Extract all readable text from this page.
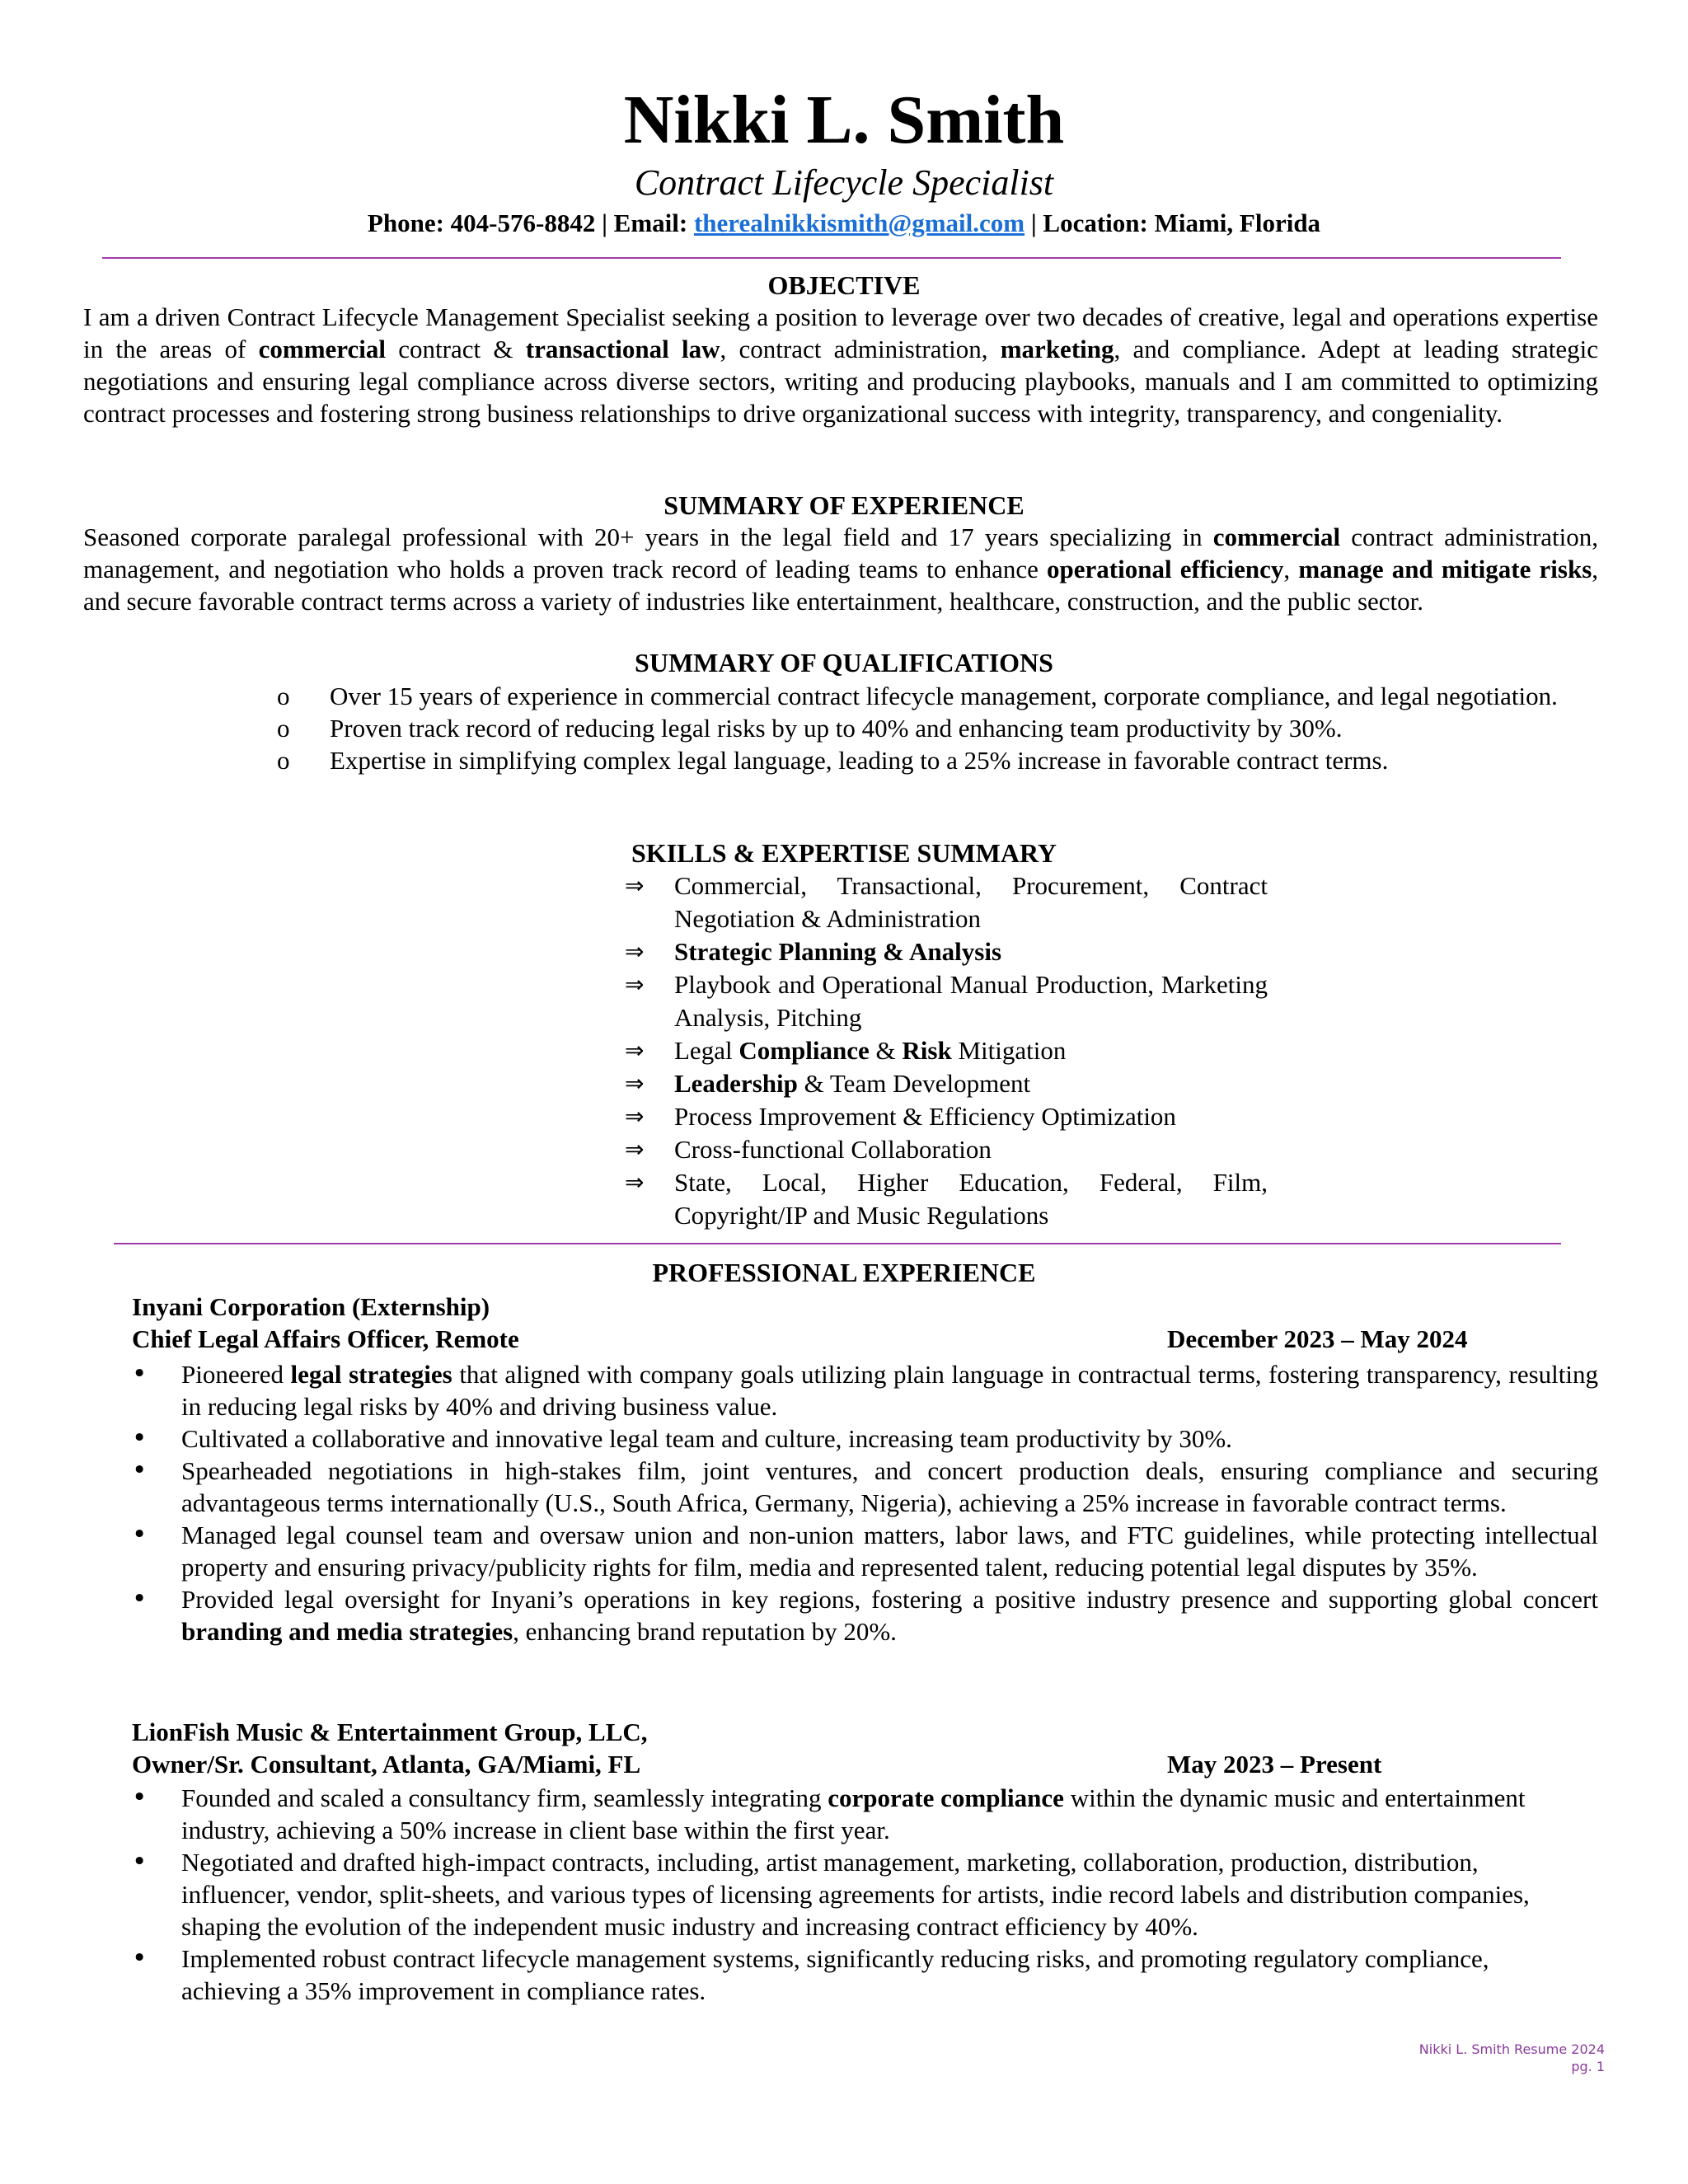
Nikki L. Smith
Contract Lifecycle Specialist
Phone: 404-576-8842 | Email: therealnikkismith@gmail.com | Location: Miami, Florida
OBJECTIVE
I am a driven Contract Lifecycle Management Specialist seeking a position to leverage over two decades of creative, legal and operations expertise in the areas of commercial contract & transactional law, contract administration, marketing, and compliance. Adept at leading strategic negotiations and ensuring legal compliance across diverse sectors, writing and producing playbooks, manuals and I am committed to optimizing contract processes and fostering strong business relationships to drive organizational success with integrity, transparency, and congeniality.
SUMMARY OF EXPERIENCE
Seasoned corporate paralegal professional with 20+ years in the legal field and 17 years specializing in commercial contract administration, management, and negotiation who holds a proven track record of leading teams to enhance operational efficiency, manage and mitigate risks, and secure favorable contract terms across a variety of industries like entertainment, healthcare, construction, and the public sector.
SUMMARY OF QUALIFICATIONS
o Over 15 years of experience in commercial contract lifecycle management, corporate compliance, and legal negotiation.
o Proven track record of reducing legal risks by up to 40% and enhancing team productivity by 30%.
o Expertise in simplifying complex legal language, leading to a 25% increase in favorable contract terms.
SKILLS & EXPERTISE SUMMARY
⇒ Commercial, Transactional, Procurement, Contract Negotiation & Administration
⇒ Strategic Planning & Analysis
⇒ Playbook and Operational Manual Production, Marketing Analysis, Pitching
⇒ Legal Compliance & Risk Mitigation
⇒ Leadership & Team Development
⇒ Process Improvement & Efficiency Optimization
⇒ Cross-functional Collaboration
⇒ State, Local, Higher Education, Federal, Film, Copyright/IP and Music Regulations
PROFESSIONAL EXPERIENCE
Inyani Corporation (Externship)
Chief Legal Affairs Officer, Remote	December 2023 – May 2024
• Pioneered legal strategies that aligned with company goals utilizing plain language in contractual terms, fostering transparency, resulting in reducing legal risks by 40% and driving business value.
• Cultivated a collaborative and innovative legal team and culture, increasing team productivity by 30%.
• Spearheaded negotiations in high-stakes film, joint ventures, and concert production deals, ensuring compliance and securing advantageous terms internationally (U.S., South Africa, Germany, Nigeria), achieving a 25% increase in favorable contract terms.
• Managed legal counsel team and oversaw union and non-union matters, labor laws, and FTC guidelines, while protecting intellectual property and ensuring privacy/publicity rights for film, media and represented talent, reducing potential legal disputes by 35%.
• Provided legal oversight for Inyani’s operations in key regions, fostering a positive industry presence and supporting global concert branding and media strategies, enhancing brand reputation by 20%.
LionFish Music & Entertainment Group, LLC,
Owner/Sr. Consultant, Atlanta, GA/Miami, FL	May 2023 – Present
• Founded and scaled a consultancy firm, seamlessly integrating corporate compliance within the dynamic music and entertainment industry, achieving a 50% increase in client base within the first year.
• Negotiated and drafted high-impact contracts, including, artist management, marketing, collaboration, production, distribution, influencer, vendor, split-sheets, and various types of licensing agreements for artists, indie record labels and distribution companies, shaping the evolution of the independent music industry and increasing contract efficiency by 40%.
• Implemented robust contract lifecycle management systems, significantly reducing risks, and promoting regulatory compliance, achieving a 35% improvement in compliance rates.
Nikki L. Smith Resume 2024
pg. 1
